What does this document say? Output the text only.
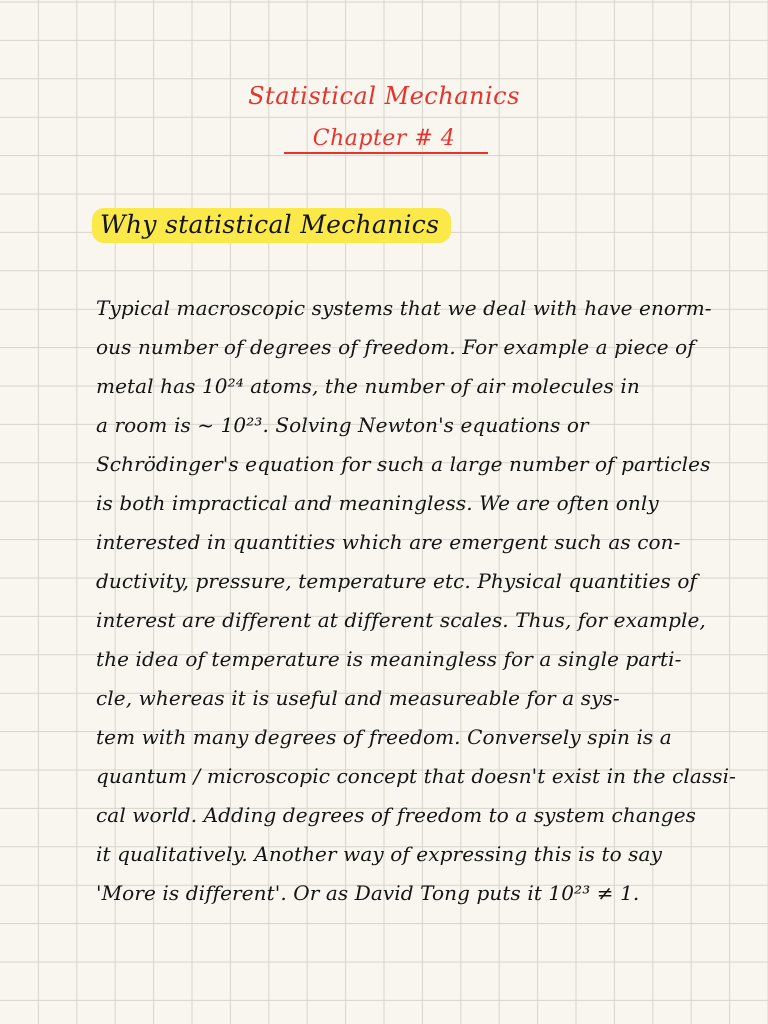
Statistical Mechanics
Chapter # 4
Why statistical Mechanics
Typical macroscopic systems that we deal with have enorm-
ous number of degrees of freedom. For example a piece of
metal has 10²⁴ atoms, the number of air molecules in
a room is ~ 10²³. Solving Newton's equations or
Schrödinger's equation for such a large number of particles
is both impractical and meaningless. We are often only
interested in quantities which are emergent such as con-
ductivity, pressure, temperature etc. Physical quantities of
interest are different at different scales. Thus, for example,
the idea of temperature is meaningless for a single parti-
cle, whereas it is useful and measureable for a sys-
tem with many degrees of freedom. Conversely spin is a
quantum / microscopic concept that doesn't exist in the classi-
cal world. Adding degrees of freedom to a system changes
it qualitatively. Another way of expressing this is to say
'More is different'. Or as David Tong puts it 10²³ ≠ 1.
